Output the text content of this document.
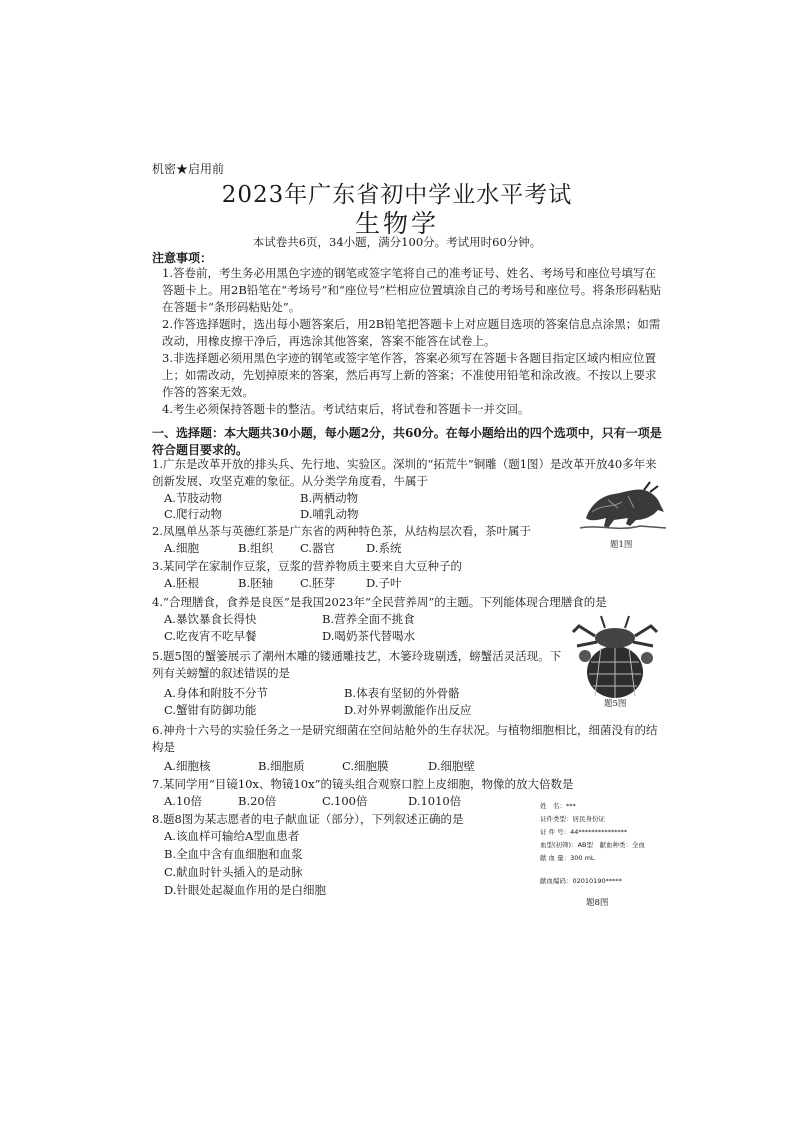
机密★启用前
2023年广东省初中学业水平考试
生物学
本试卷共6页，34小题，满分100分。考试用时60分钟。
注意事项：
1.答卷前，考生务必用黑色字迹的钢笔或签字笔将自己的准考证号、姓名、考场号和座位号填写在答题卡上。用2B铅笔在“考场号”和“座位号”栏相应位置填涂自己的考场号和座位号。将条形码粘贴在答题卡“条形码粘贴处”。
2.作答选择题时，选出每小题答案后，用2B铅笔把答题卡上对应题目选项的答案信息点涂黑；如需改动，用橡皮擦干净后，再选涂其他答案，答案不能答在试卷上。
3.非选择题必须用黑色字迹的钢笔或签字笔作答，答案必须写在答题卡各题目指定区域内相应位置上；如需改动，先划掉原来的答案，然后再写上新的答案；不准使用铅笔和涂改液。不按以上要求作答的答案无效。
4.考生必须保持答题卡的整洁。考试结束后，将试卷和答题卡一并交回。
一、选择题：本大题共30小题，每小题2分，共60分。在每小题给出的四个选项中，只有一项是符合题目要求的。
1.广东是改革开放的排头兵、先行地、实验区。深圳的“拓荒牛”铜雕（题1图）是改革开放40多年来创新发展、攻坚克难的象征。从分类学角度看，牛属于
A.节肢动物	B.两栖动物
C.爬行动物	D.哺乳动物
题1图
2.凤凰单丛茶与英德红茶是广东省的两种特色茶，从结构层次看，茶叶属于
A.细胞	B.组织 C.器官	D.系统
3.某同学在家制作豆浆，豆浆的营养物质主要来自大豆种子的
A.胚根	B.胚轴 C.胚芽	D.子叶
4.“合理膳食，食养是良医”是我国2023年“全民营养周”的主题。下列能体现合理膳食的是
A.暴饮暴食长得快	B.营养全面不挑食
C.吃夜宵不吃早餐	D.喝奶茶代替喝水
题5图
5.题5图的蟹篓展示了潮州木雕的镂通雕技艺，木篓玲珑剔透，螃蟹活灵活现。下列有关螃蟹的叙述错误的是
A.身体和附肢不分节	B.体表有坚韧的外骨骼
C.蟹钳有防御功能	D.对外界刺激能作出反应
6.神舟十六号的实验任务之一是研究细菌在空间站舱外的生存状况。与植物细胞相比，细菌没有的结构是
A.细胞核	B.细胞质	C.细胞膜	D.细胞壁
7.某同学用“目镜10x、物镜10x”的镜头组合观察口腔上皮细胞，物像的放大倍数是
A.10倍	B.20倍	C.100倍	D.1010倍
8.题8图为某志愿者的电子献血证（部分），下列叙述正确的是
A.该血样可输给A型血患者
B.全血中含有血细胞和血浆
C.献血时针头插入的是动脉
D.针眼处起凝血作用的是白细胞
姓　名：***
证件类型：居民身份证
证 件 号：44***************
血型(初筛)：AB型　献血种类：全血
献 血 量：300 mL
献血编码：02010190*****
题8图
